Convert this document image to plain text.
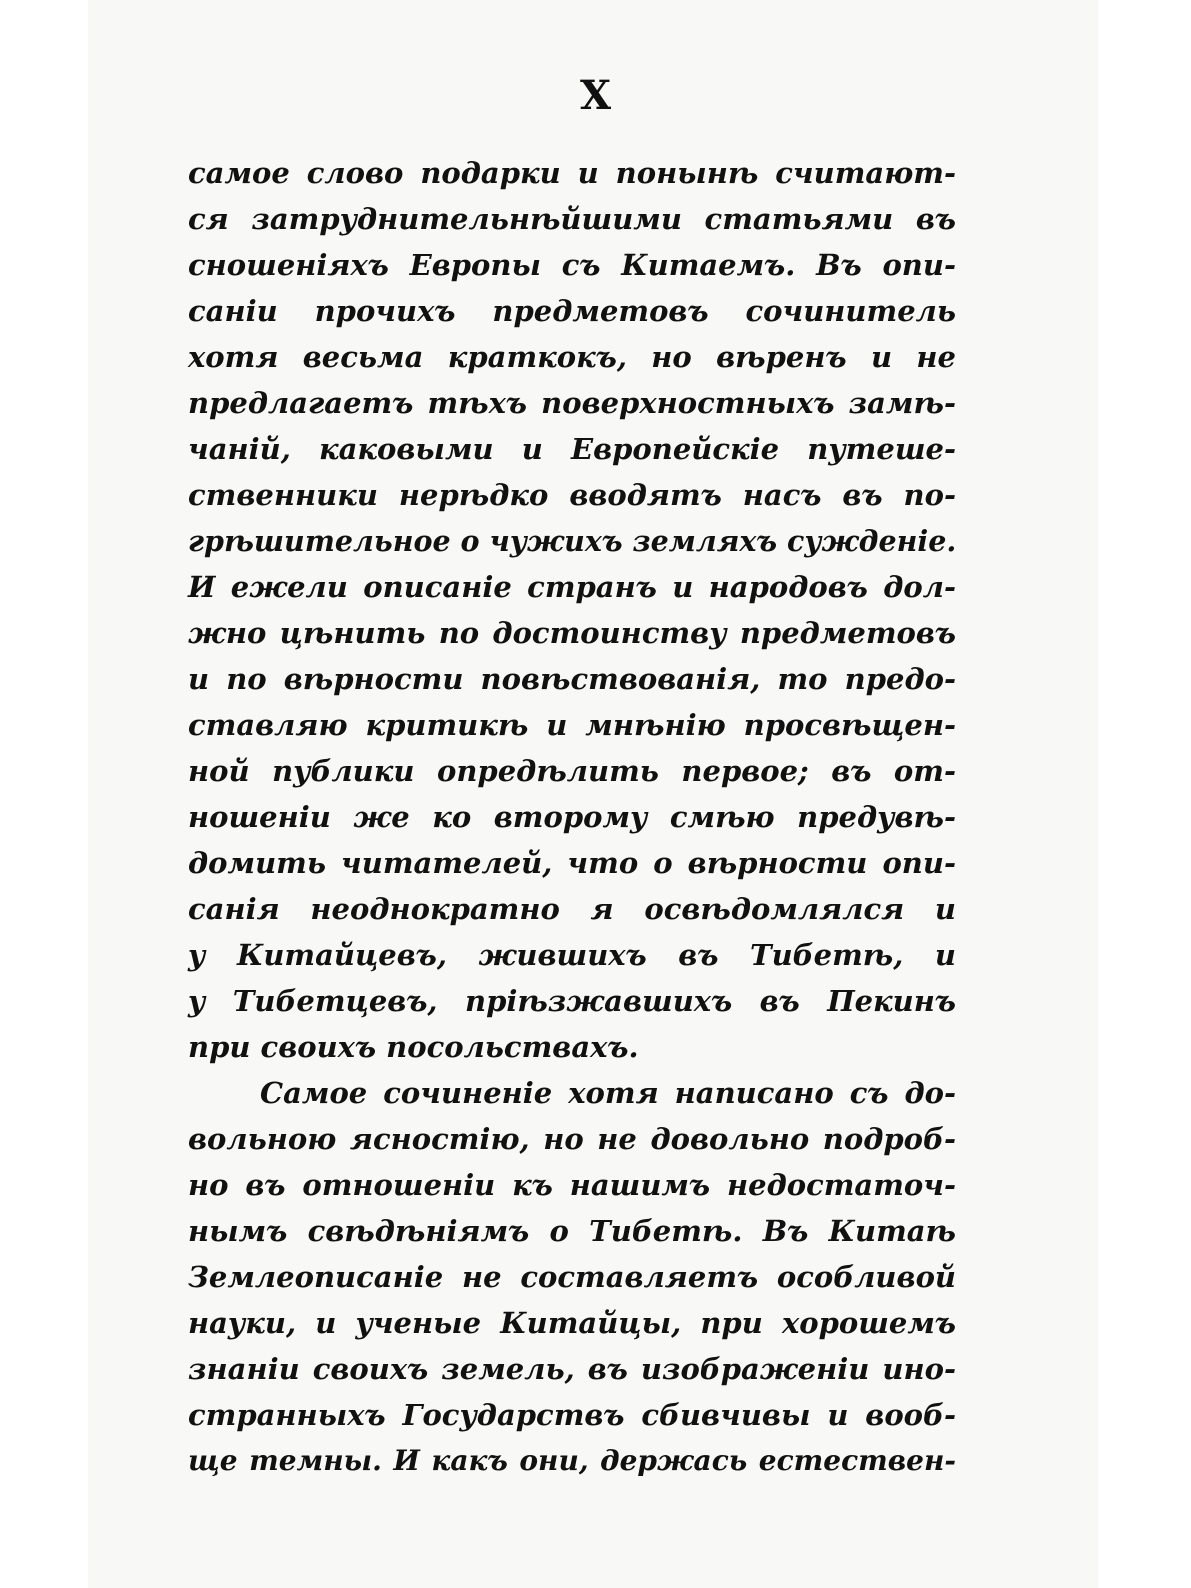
X
самое слово подарки и понынѣ считают-
ся затруднительнѣйшими статьями въ
сношенiяхъ Европы съ Китаемъ. Въ опи-
санiи прочихъ предметовъ сочинитель
хотя весьма краткокъ, но вѣренъ и не
предлагаетъ тѣхъ поверхностныхъ замѣ-
чанiй, каковыми и Европейскiе путеше-
ственники нерѣдко вводятъ насъ въ по-
грѣшительное о чужихъ земляхъ сужденiе.
И ежели описанiе странъ и народовъ дол-
жно цѣнить по достоинству предметовъ
и по вѣрности повѣствованiя, то предо-
ставляю критикѣ и мнѣнiю просвѣщен-
ной публики опредѣлить первое; въ от-
ношенiи же ко второму смѣю предувѣ-
домить читателей, что о вѣрности опи-
санiя неоднократно я освѣдомлялся и
у Китайцевъ, жившихъ въ Тибетѣ, и
у Тибетцевъ, прiѣзжавшихъ въ Пекинъ
при своихъ посольствахъ.
Самое сочиненiе хотя написано съ до-
вольною ясностiю, но не довольно подроб-
но въ отношенiи къ нашимъ недостаточ-
нымъ свѣдѣнiямъ о Тибетѣ. Въ Китаѣ
Землеописанiе не составляетъ особливой
науки, и ученые Китайцы, при хорошемъ
знанiи своихъ земель, въ изображенiи ино-
странныхъ Государствъ сбивчивы и вооб-
ще темны. И какъ они, держась естествен-
